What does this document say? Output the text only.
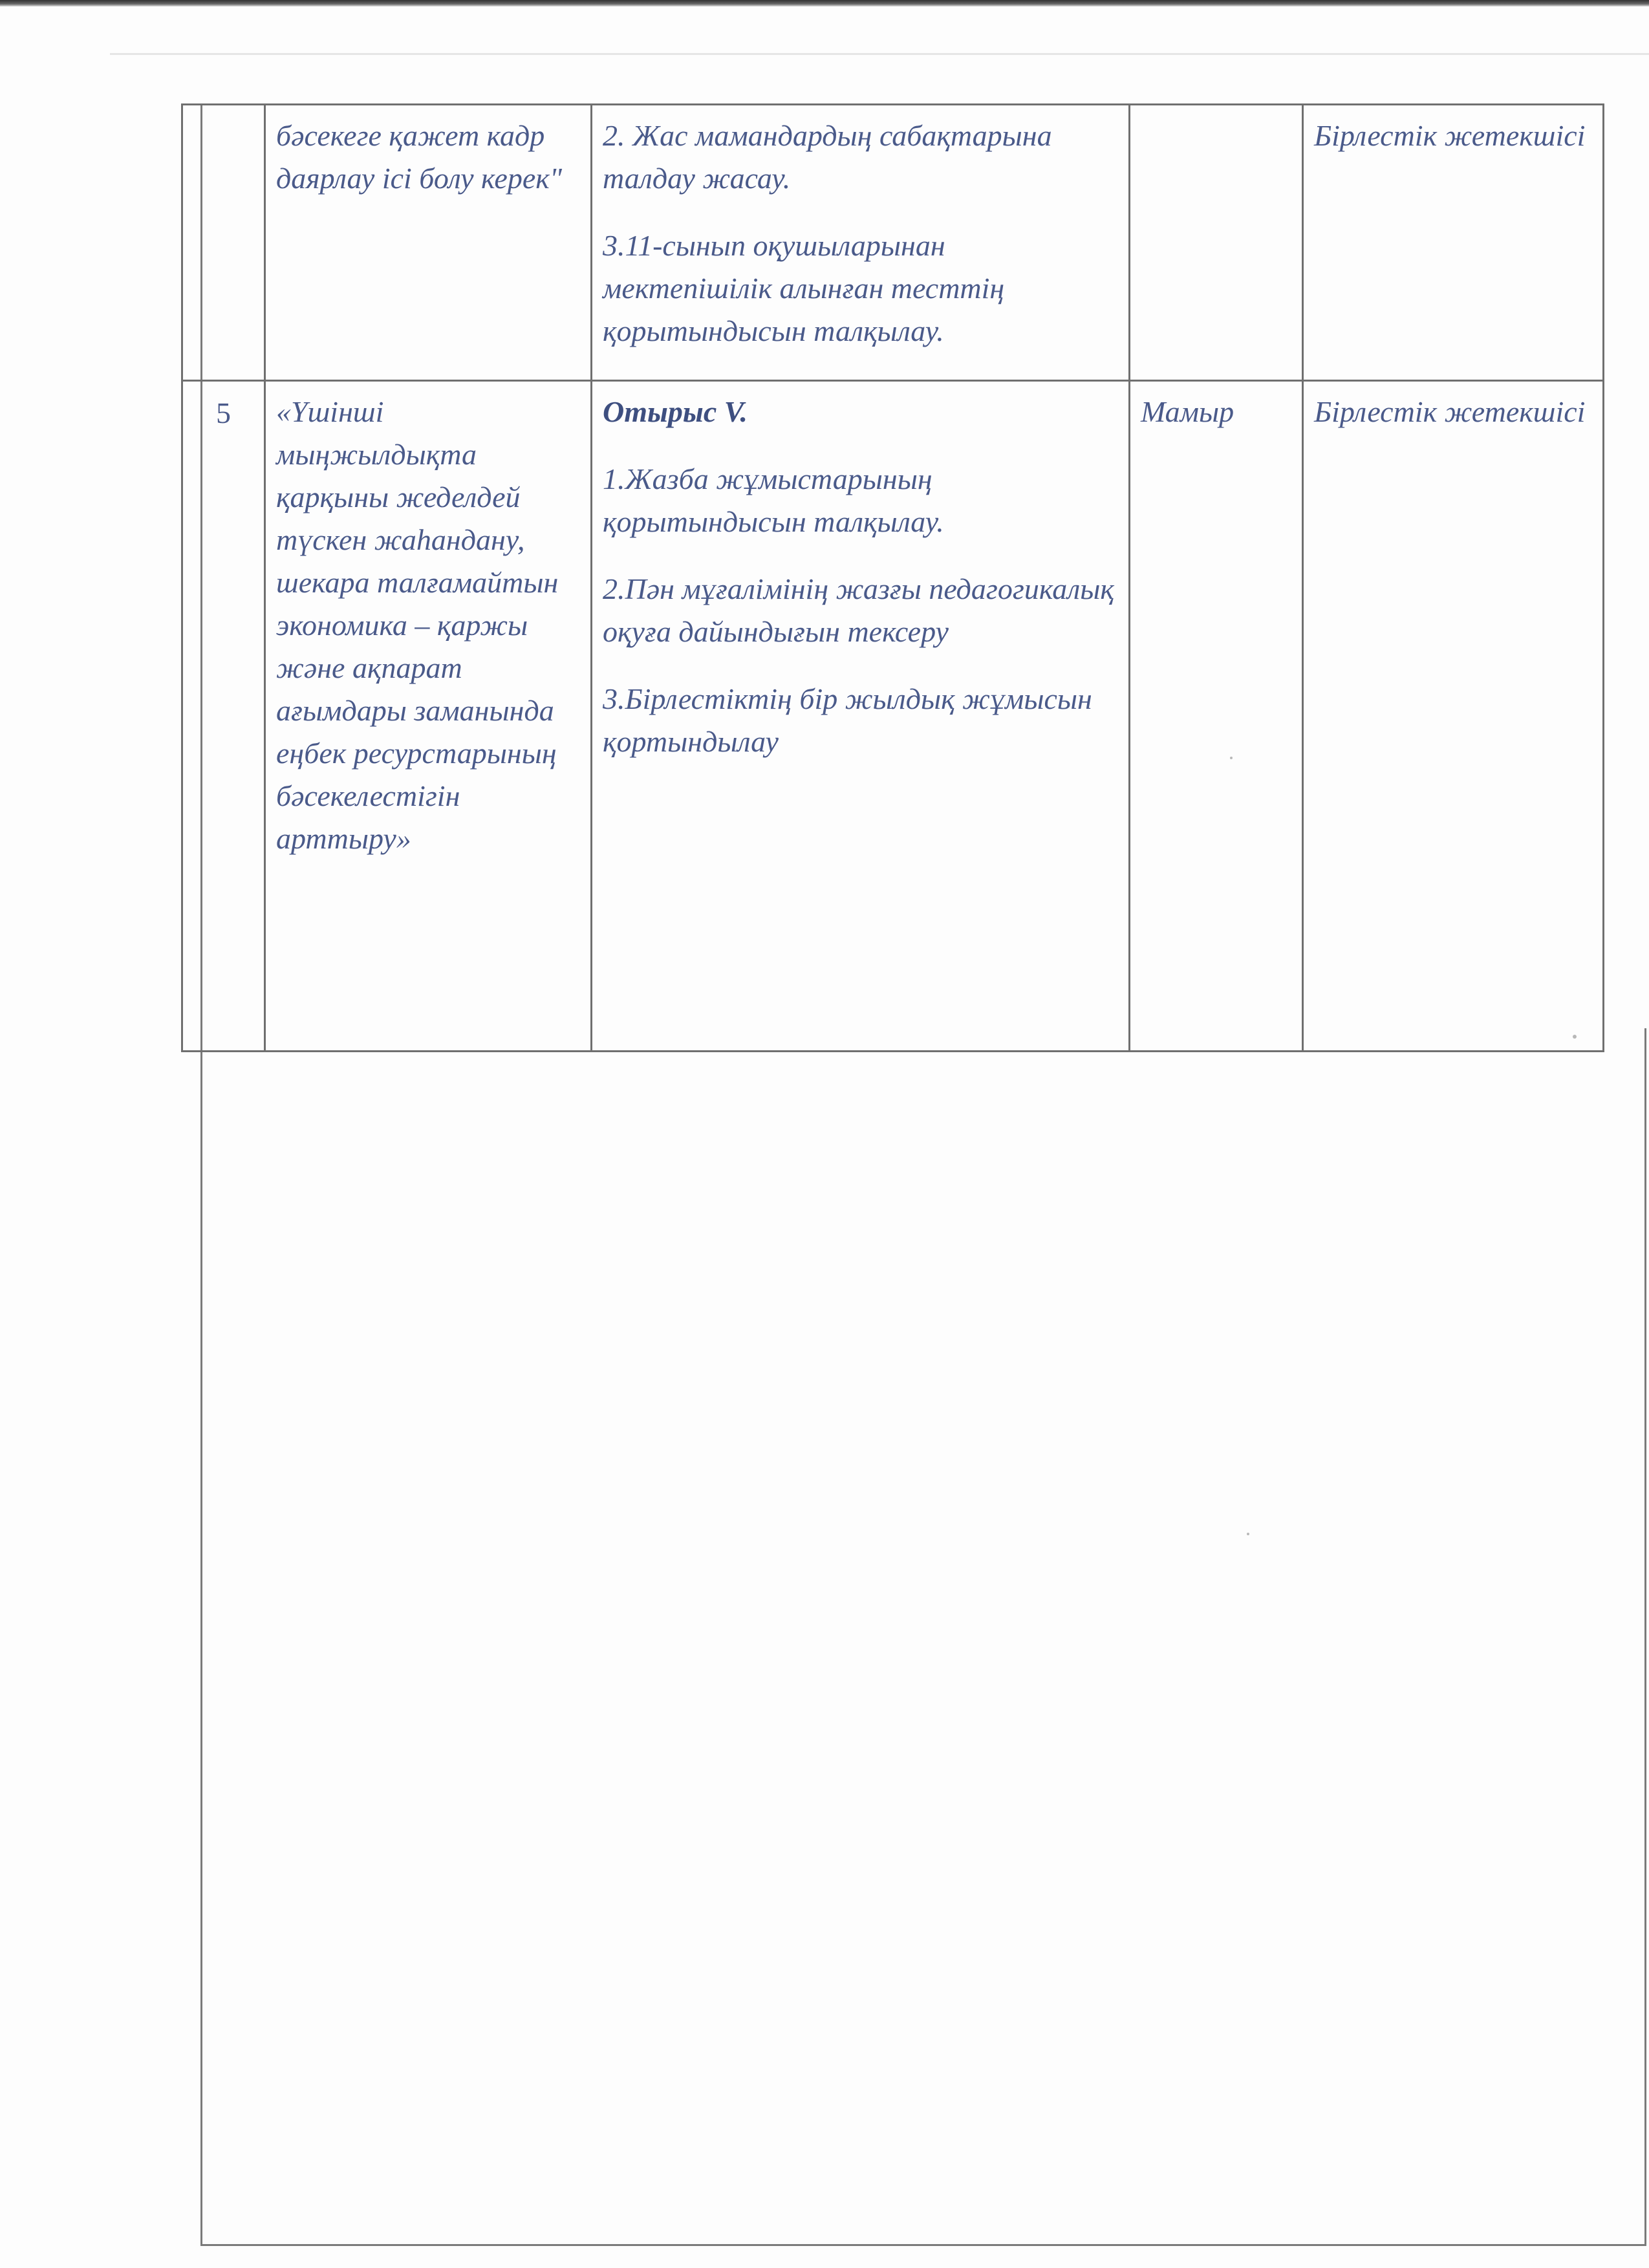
	бәсекеге қажет кадр даярлау ісі болу керек"	2. Жас мамандардың сабақтарына талдау жасау.

3.11-сынып оқушыларынан мектепішілік алынған тесттің қорытындысын талқылау.		Бірлестік жетекшісі
5	«Үшінші мыңжылдықта қарқыны жеделдей түскен жаһандану, шекара талғамайтын экономика – қаржы және ақпарат ағымдары заманында еңбек ресурстарының бәсекелестігін арттыру»	Отырыс V.

1.Жазба жұмыстарының қорытындысын талқылау.

2.Пән мұғалімінің жазғы педагогикалық оқуға дайындығын тексеру

3.Бірлестіктің бір жылдық жұмысын қортындылау	Мамыр	Бірлестік жетекшісі
